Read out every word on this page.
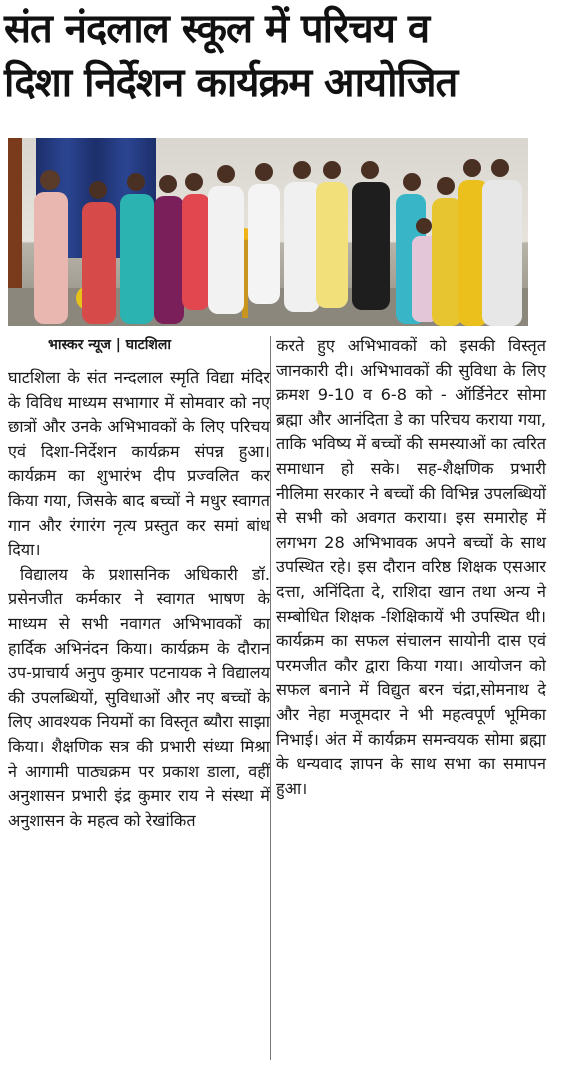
संत नंदलाल स्कूल में परिचय व
दिशा निर्देशन कार्यक्रम आयोजित
भास्कर न्यूज | घाटशिला

घाटशिला के संत नन्दलाल स्मृति विद्या मंदिर के विविध माध्यम सभागार में सोमवार को नए छात्रों और उनके अभिभावकों के लिए परिचय एवं दिशा-निर्देशन कार्यक्रम संपन्न हुआ। कार्यक्रम का शुभारंभ दीप प्रज्वलित कर किया गया, जिसके बाद बच्चों ने मधुर स्वागत गान और रंगारंग नृत्य प्रस्तुत कर समां बांध दिया।

विद्यालय के प्रशासनिक अधिकारी डॉ. प्रसेनजीत कर्मकार ने स्वागत भाषण के माध्यम से सभी नवागत अभिभावकों का हार्दिक अभिनंदन किया। कार्यक्रम के दौरान उप-प्राचार्य अनुप कुमार पटनायक ने विद्यालय की उपलब्धियों, सुविधाओं और नए बच्चों के लिए आवश्यक नियमों का विस्तृत ब्यौरा साझा किया। शैक्षणिक सत्र की प्रभारी संध्या मिश्रा ने आगामी पाठ्यक्रम पर प्रकाश डाला, वहीं अनुशासन प्रभारी इंद्र कुमार राय ने संस्था में अनुशासन के महत्व को रेखांकित

करते हुए अभिभावकों को इसकी विस्तृत जानकारी दी। अभिभावकों की सुविधा के लिए क्रमश 9-10 व 6-8 को - ऑर्डिनेटर सोमा ब्रह्मा और आनंदिता डे का परिचय कराया गया, ताकि भविष्य में बच्चों की समस्याओं का त्वरित समाधान हो सके। सह-शैक्षणिक प्रभारी नीलिमा सरकार ने बच्चों की विभिन्न उपलब्धियों से सभी को अवगत कराया। इस समारोह में लगभग 28 अभिभावक अपने बच्चों के साथ उपस्थित रहे। इस दौरान वरिष्ठ शिक्षक एसआर दत्ता, अनिंदिता दे, राशिदा खान तथा अन्य ने सम्बोधित शिक्षक -शिक्षिकायें भी उपस्थित थी। कार्यक्रम का सफल संचालन सायोनी दास एवं परमजीत कौर द्वारा किया गया। आयोजन को सफल बनाने में विद्युत बरन चंद्रा,सोमनाथ दे और नेहा मजूमदार ने भी महत्वपूर्ण भूमिका निभाई। अंत में कार्यक्रम समन्वयक सोमा ब्रह्मा के धन्यवाद ज्ञापन के साथ सभा का समापन हुआ।
